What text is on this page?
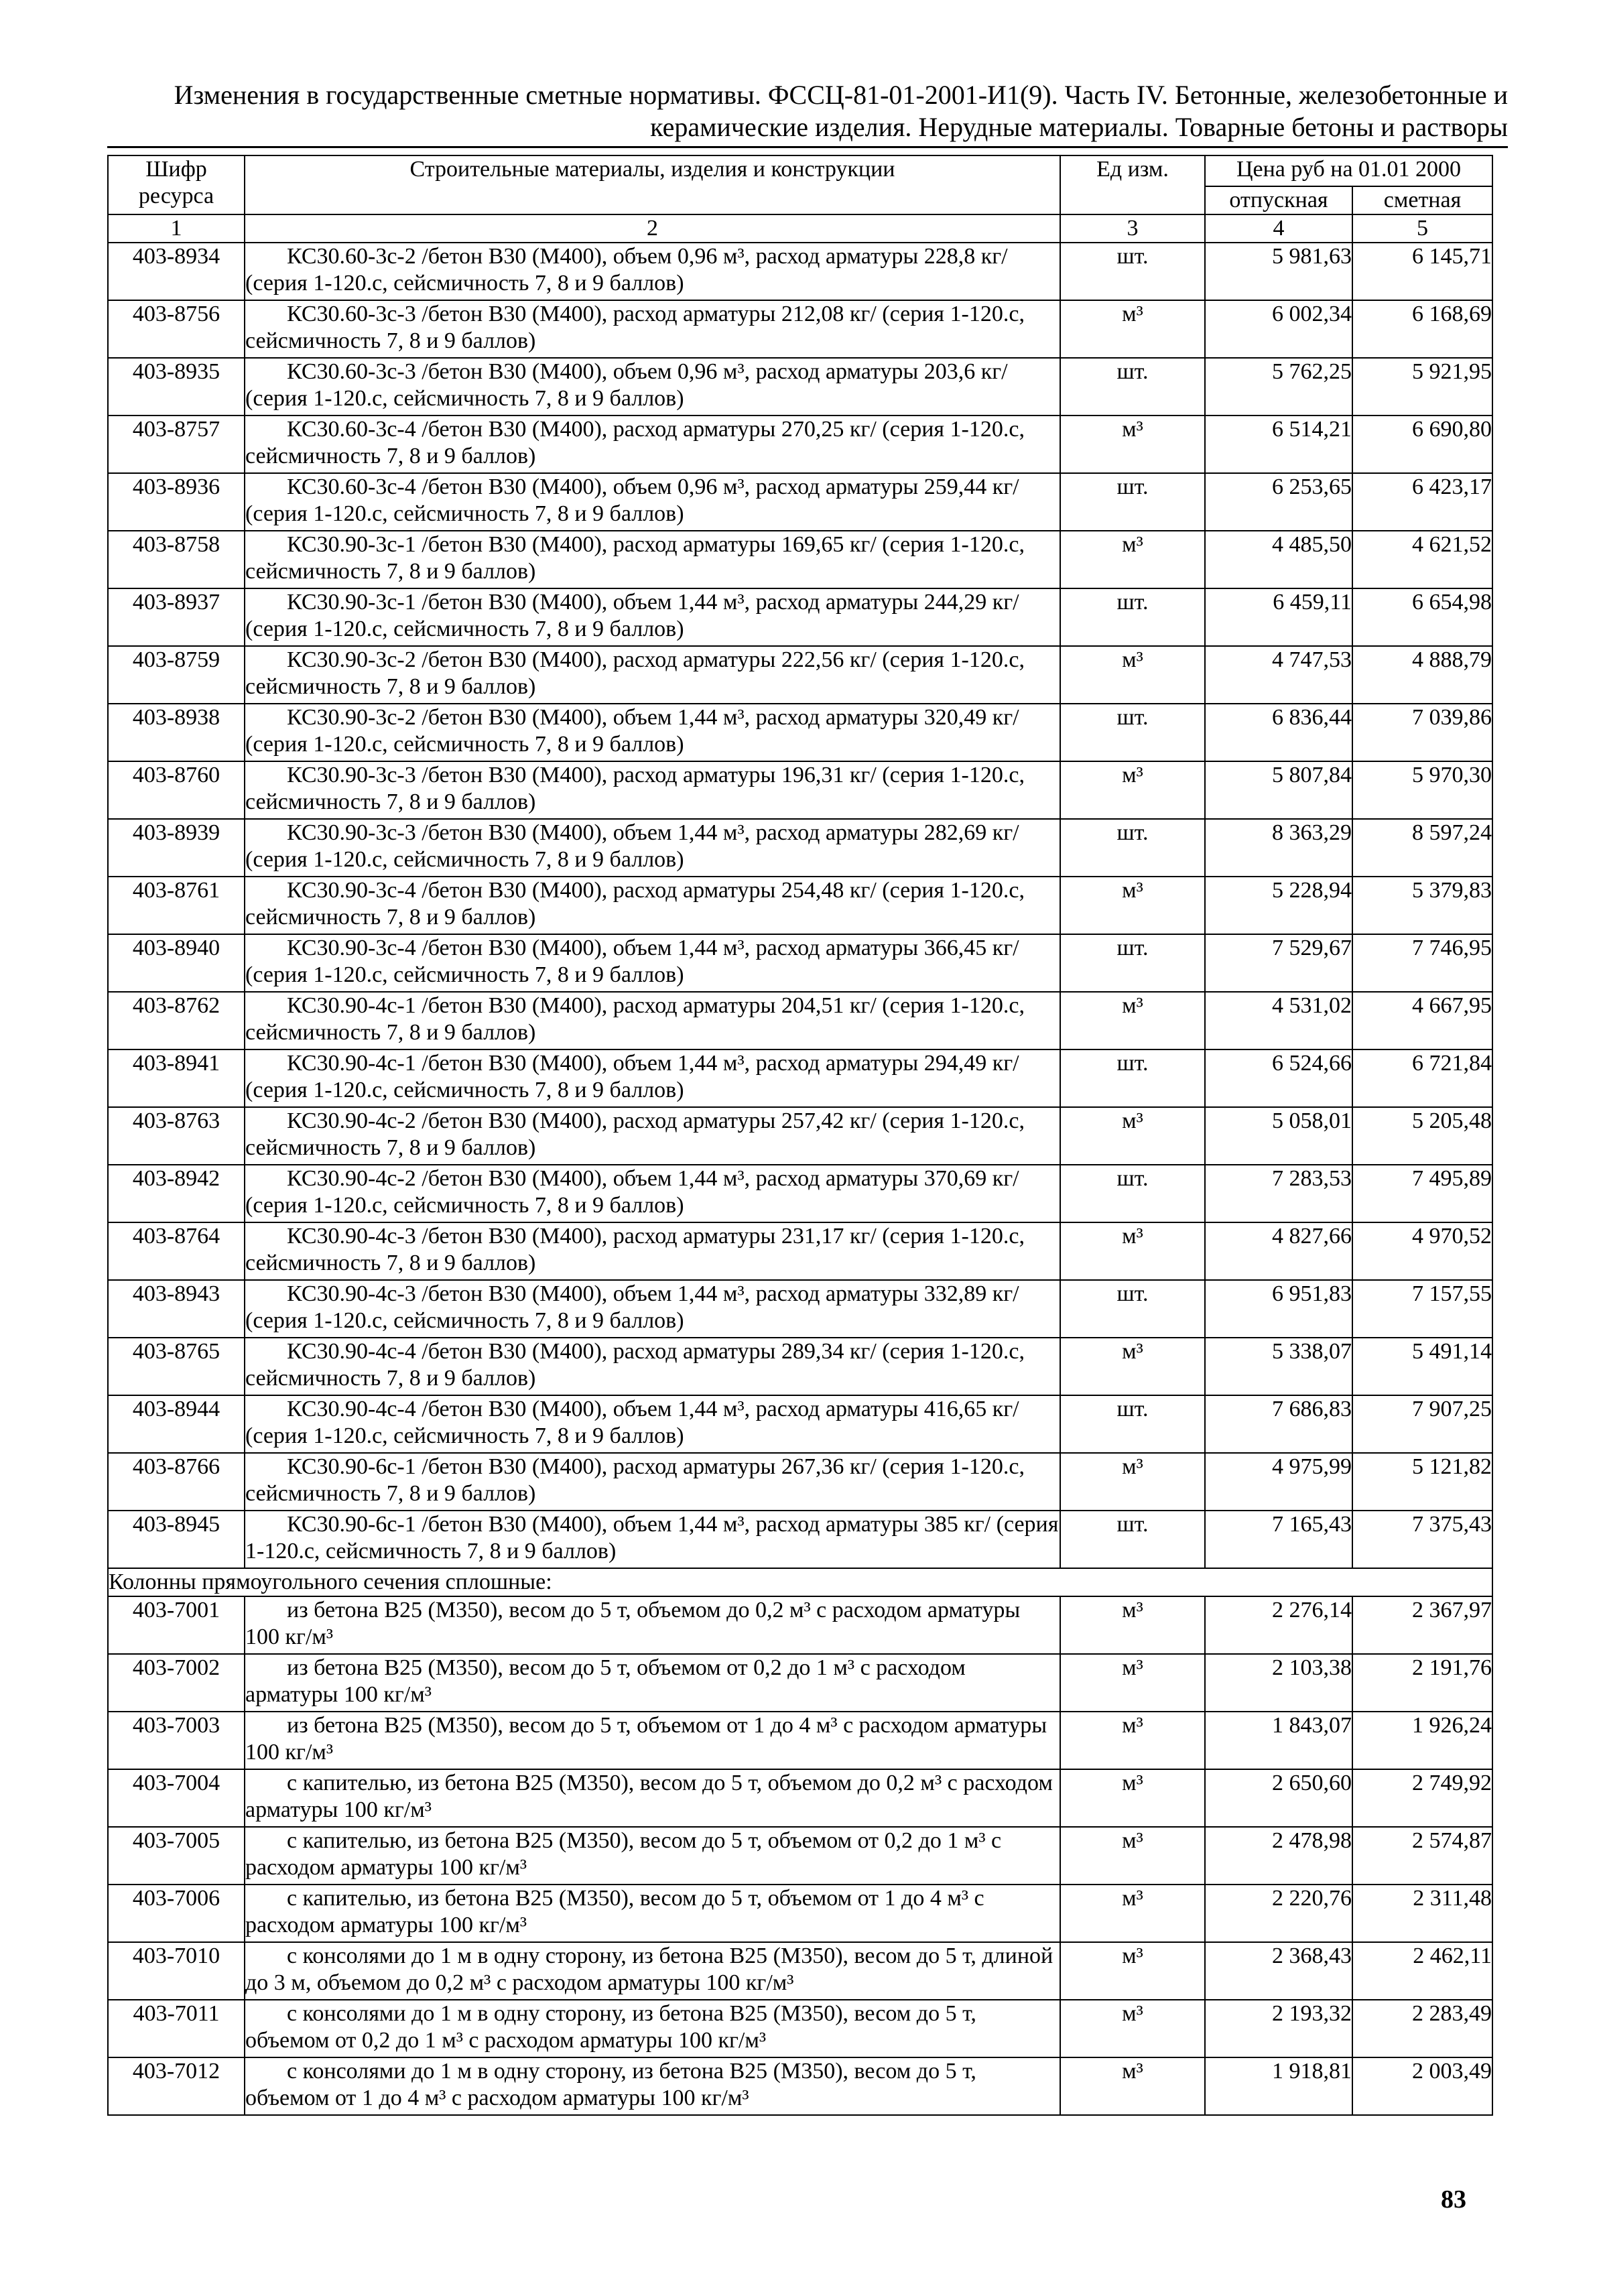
Изменения в государственные сметные нормативы. ФССЦ-81-01-2001-И1(9). Часть IV. Бетонные, железобетонные и
керамические изделия. Нерудные материалы. Товарные бетоны и растворы
Шифр ресурса	Строительные материалы, изделия и конструкции	Ед изм.	Цена руб на 01.01 2000	
			отпускная	сметная
1	2	3	4	5
403-8934	КС30.60-3с-2 /бетон В30 (М400), объем 0,96 м³, расход арматуры 228,8 кг/ (серия 1-120.с, сейсмичность 7, 8 и 9 баллов)	шт.	5 981,63	6 145,71
403-8756	КС30.60-3с-3 /бетон В30 (М400), расход арматуры 212,08 кг/ (серия 1-120.с, сейсмичность 7, 8 и 9 баллов)	м³	6 002,34	6 168,69
403-8935	КС30.60-3с-3 /бетон В30 (М400), объем 0,96 м³, расход арматуры 203,6 кг/ (серия 1-120.с, сейсмичность 7, 8 и 9 баллов)	шт.	5 762,25	5 921,95
403-8757	КС30.60-3с-4 /бетон В30 (М400), расход арматуры 270,25 кг/ (серия 1-120.с, сейсмичность 7, 8 и 9 баллов)	м³	6 514,21	6 690,80
403-8936	КС30.60-3с-4 /бетон В30 (М400), объем 0,96 м³, расход арматуры 259,44 кг/ (серия 1-120.с, сейсмичность 7, 8 и 9 баллов)	шт.	6 253,65	6 423,17
403-8758	КС30.90-3с-1 /бетон В30 (М400), расход арматуры 169,65 кг/ (серия 1-120.с, сейсмичность 7, 8 и 9 баллов)	м³	4 485,50	4 621,52
403-8937	КС30.90-3с-1 /бетон В30 (М400), объем 1,44 м³, расход арматуры 244,29 кг/ (серия 1-120.с, сейсмичность 7, 8 и 9 баллов)	шт.	6 459,11	6 654,98
403-8759	КС30.90-3с-2 /бетон В30 (М400), расход арматуры 222,56 кг/ (серия 1-120.с, сейсмичность 7, 8 и 9 баллов)	м³	4 747,53	4 888,79
403-8938	КС30.90-3с-2 /бетон В30 (М400), объем 1,44 м³, расход арматуры 320,49 кг/ (серия 1-120.с, сейсмичность 7, 8 и 9 баллов)	шт.	6 836,44	7 039,86
403-8760	КС30.90-3с-3 /бетон В30 (М400), расход арматуры 196,31 кг/ (серия 1-120.с, сейсмичность 7, 8 и 9 баллов)	м³	5 807,84	5 970,30
403-8939	КС30.90-3с-3 /бетон В30 (М400), объем 1,44 м³, расход арматуры 282,69 кг/ (серия 1-120.с, сейсмичность 7, 8 и 9 баллов)	шт.	8 363,29	8 597,24
403-8761	КС30.90-3с-4 /бетон В30 (М400), расход арматуры 254,48 кг/ (серия 1-120.с, сейсмичность 7, 8 и 9 баллов)	м³	5 228,94	5 379,83
403-8940	КС30.90-3с-4 /бетон В30 (М400), объем 1,44 м³, расход арматуры 366,45 кг/ (серия 1-120.с, сейсмичность 7, 8 и 9 баллов)	шт.	7 529,67	7 746,95
403-8762	КС30.90-4с-1 /бетон В30 (М400), расход арматуры 204,51 кг/ (серия 1-120.с, сейсмичность 7, 8 и 9 баллов)	м³	4 531,02	4 667,95
403-8941	КС30.90-4с-1 /бетон В30 (М400), объем 1,44 м³, расход арматуры 294,49 кг/ (серия 1-120.с, сейсмичность 7, 8 и 9 баллов)	шт.	6 524,66	6 721,84
403-8763	КС30.90-4с-2 /бетон В30 (М400), расход арматуры 257,42 кг/ (серия 1-120.с, сейсмичность 7, 8 и 9 баллов)	м³	5 058,01	5 205,48
403-8942	КС30.90-4с-2 /бетон В30 (М400), объем 1,44 м³, расход арматуры 370,69 кг/ (серия 1-120.с, сейсмичность 7, 8 и 9 баллов)	шт.	7 283,53	7 495,89
403-8764	КС30.90-4с-3 /бетон В30 (М400), расход арматуры 231,17 кг/ (серия 1-120.с, сейсмичность 7, 8 и 9 баллов)	м³	4 827,66	4 970,52
403-8943	КС30.90-4с-3 /бетон В30 (М400), объем 1,44 м³, расход арматуры 332,89 кг/ (серия 1-120.с, сейсмичность 7, 8 и 9 баллов)	шт.	6 951,83	7 157,55
403-8765	КС30.90-4с-4 /бетон В30 (М400), расход арматуры 289,34 кг/ (серия 1-120.с, сейсмичность 7, 8 и 9 баллов)	м³	5 338,07	5 491,14
403-8944	КС30.90-4с-4 /бетон В30 (М400), объем 1,44 м³, расход арматуры 416,65 кг/ (серия 1-120.с, сейсмичность 7, 8 и 9 баллов)	шт.	7 686,83	7 907,25
403-8766	КС30.90-6с-1 /бетон В30 (М400), расход арматуры 267,36 кг/ (серия 1-120.с, сейсмичность 7, 8 и 9 баллов)	м³	4 975,99	5 121,82
403-8945	КС30.90-6с-1 /бетон В30 (М400), объем 1,44 м³, расход арматуры 385 кг/ (серия 1-120.с, сейсмичность 7, 8 и 9 баллов)	шт.	7 165,43	7 375,43
Колонны прямоугольного сечения сплошные:				
403-7001	из бетона В25 (М350), весом до 5 т, объемом до 0,2 м³ с расходом арматуры 100 кг/м³	м³	2 276,14	2 367,97
403-7002	из бетона В25 (М350), весом до 5 т, объемом от 0,2 до 1 м³ с расходом арматуры 100 кг/м³	м³	2 103,38	2 191,76
403-7003	из бетона В25 (М350), весом до 5 т, объемом от 1 до 4 м³ с расходом арматуры 100 кг/м³	м³	1 843,07	1 926,24
403-7004	с капителью, из бетона В25 (М350), весом до 5 т, объемом до 0,2 м³ с расходом арматуры 100 кг/м³	м³	2 650,60	2 749,92
403-7005	с капителью, из бетона В25 (М350), весом до 5 т, объемом от 0,2 до 1 м³ с расходом арматуры 100 кг/м³	м³	2 478,98	2 574,87
403-7006	с капителью, из бетона В25 (М350), весом до 5 т, объемом от 1 до 4 м³ с расходом арматуры 100 кг/м³	м³	2 220,76	2 311,48
403-7010	с консолями до 1 м в одну сторону, из бетона В25 (М350), весом до 5 т, длиной до 3 м, объемом до 0,2 м³ с расходом арматуры 100 кг/м³	м³	2 368,43	2 462,11
403-7011	с консолями до 1 м в одну сторону, из бетона В25 (М350), весом до 5 т, объемом от 0,2 до 1 м³ с расходом арматуры 100 кг/м³	м³	2 193,32	2 283,49
403-7012	с консолями до 1 м в одну сторону, из бетона В25 (М350), весом до 5 т, объемом от 1 до 4 м³ с расходом арматуры 100 кг/м³	м³	1 918,81	2 003,49
83
